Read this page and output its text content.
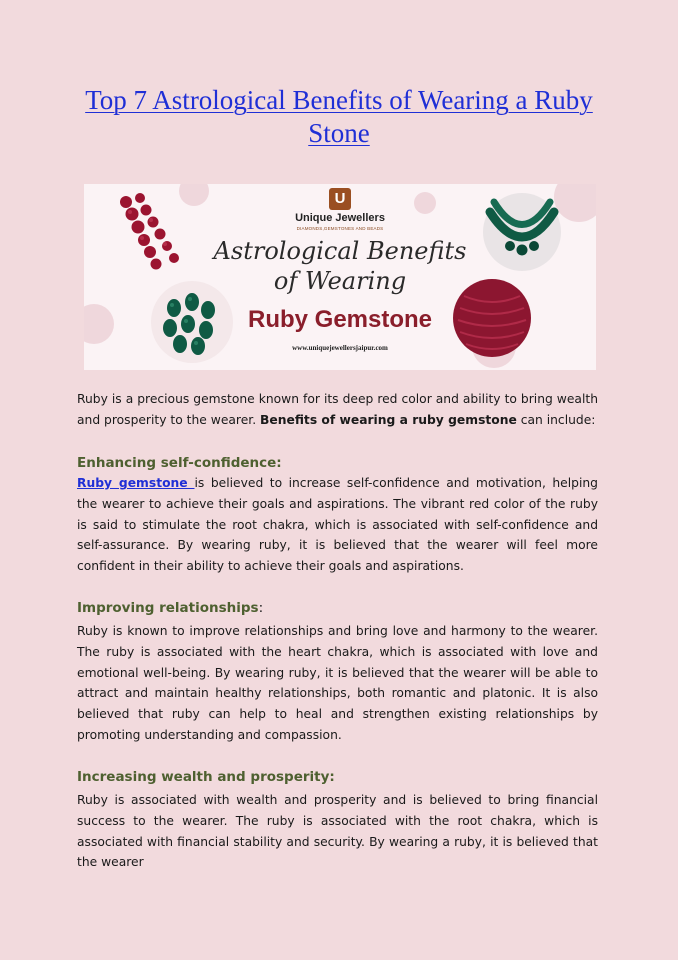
Top 7 Astrological Benefits of Wearing a Ruby Stone
U
Unique Jewellers
DIAMONDS,GEMSTONES AND BEADS
Astrological Benefits of Wearing
Ruby Gemstone
www.uniquejewellersjaipur.com
Ruby is a precious gemstone known for its deep red color and ability to bring wealth and prosperity to the wearer. Benefits of wearing a ruby gemstone can include:
Enhancing self-confidence:
Ruby gemstone is believed to increase self-confidence and motivation, helping the wearer to achieve their goals and aspirations. The vibrant red color of the ruby is said to stimulate the root chakra, which is associated with self-confidence and self-assurance. By wearing ruby, it is believed that the wearer will feel more confident in their ability to achieve their goals and aspirations.
Improving relationships:
Ruby is known to improve relationships and bring love and harmony to the wearer. The ruby is associated with the heart chakra, which is associated with love and emotional well-being. By wearing ruby, it is believed that the wearer will be able to attract and maintain healthy relationships, both romantic and platonic. It is also believed that ruby can help to heal and strengthen existing relationships by promoting understanding and compassion.
Increasing wealth and prosperity:
Ruby is associated with wealth and prosperity and is believed to bring financial success to the wearer. The ruby is associated with the root chakra, which is associated with financial stability and security. By wearing a ruby, it is believed that the wearer
